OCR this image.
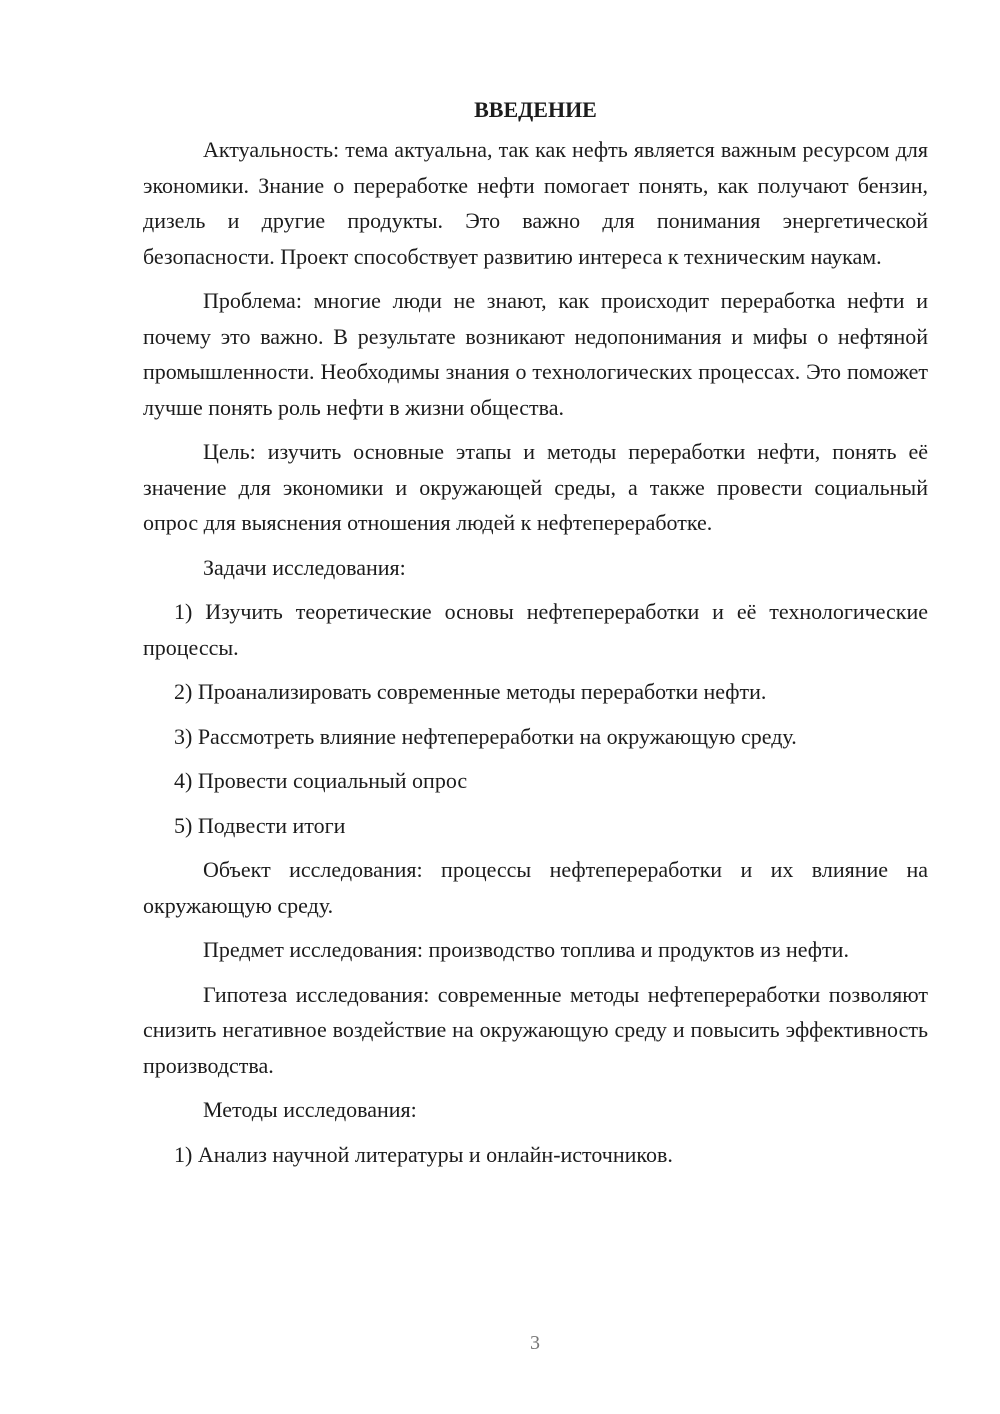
ВВЕДЕНИЕ

Актуальность: тема актуальна, так как нефть является важным ресурсом для экономики. Знание о переработке нефти помогает понять, как получают бензин, дизель и другие продукты. Это важно для понимания энергетической безопасности. Проект способствует развитию интереса к техническим наукам.

Проблема: многие люди не знают, как происходит переработка нефти и почему это важно. В результате возникают недопонимания и мифы о нефтяной промышленности. Необходимы знания о технологических процессах. Это поможет лучше понять роль нефти в жизни общества.

Цель: изучить основные этапы и методы переработки нефти, понять её значение для экономики и окружающей среды, а также провести социальный опрос для выяснения отношения людей к нефтепереработке.

Задачи исследования:

1) Изучить теоретические основы нефтепереработки и её технологические процессы.

2) Проанализировать современные методы переработки нефти.

3) Рассмотреть влияние нефтепереработки на окружающую среду.

4) Провести социальный опрос

5) Подвести итоги

Объект исследования: процессы нефтепереработки и их влияние на окружающую среду.

Предмет исследования: производство топлива и продуктов из нефти.

Гипотеза исследования: современные методы нефтепереработки позволяют снизить негативное воздействие на окружающую среду и повысить эффективность производства.

Методы исследования:

1) Анализ научной литературы и онлайн-источников.

3
